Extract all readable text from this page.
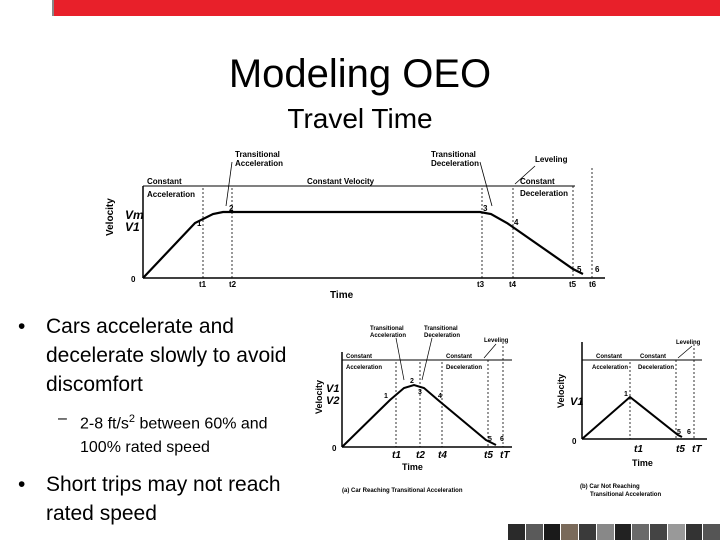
Modeling OEO
Travel Time
Transitional
Acceleration
Transitional
Deceleration	Leveling
Constant
Acceleration
Constant Velocity	Constant
Deceleration
Velocity Vm
V1
0
1
2	3
4
5 6
t1	t2	t3	t4	t5 t6
Time
• Cars accelerate and decelerate slowly to avoid discomfort
– 2-8 $ft/s^2$ between 60% and 100% rated speed
• Short trips may not reach rated speed
Transitional
Acceleration
Transitional
Deceleration
Leveling
Constant
Acceleration
Constant
Deceleration
Velocity V1
V2
0
1
2
3
4
5 6
t1 t2 t4	t5 tT
Time
(a) Car Reaching Transitional Acceleration
Leveling
Constant
Acceleration
Constant
Deceleration
Velocity V1
0
1
5 6
t1	t5 tT
Time
(b) Car Not Reaching
Transitional Acceleration
